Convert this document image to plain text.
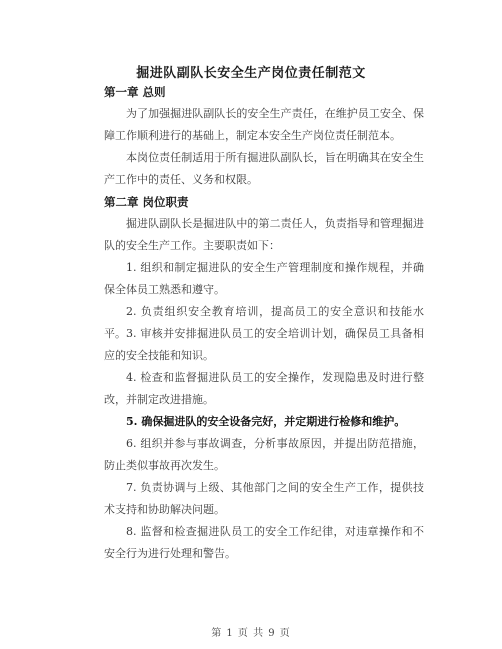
掘进队副队长安全生产岗位责任制范文
第一章 总则
为了加强掘进队副队长的安全生产责任，在维护员工安全、保障工作顺利进行的基础上，制定本安全生产岗位责任制范本。
本岗位责任制适用于所有掘进队副队长，旨在明确其在安全生产工作中的责任、义务和权限。
第二章 岗位职责
掘进队副队长是掘进队中的第二责任人，负责指导和管理掘进队的安全生产工作。主要职责如下：
1. 组织和制定掘进队的安全生产管理制度和操作规程，并确保全体员工熟悉和遵守。
2. 负责组织安全教育培训，提高员工的安全意识和技能水平。 3. 审核并安排掘进队员工的安全培训计划，确保员工具备相应的安全技能和知识。
4. 检查和监督掘进队员工的安全操作，发现隐患及时进行整改，并制定改进措施。
5. 确保掘进队的安全设备完好，并定期进行检修和维护。
6. 组织并参与事故调查，分析事故原因，并提出防范措施，防止类似事故再次发生。
7. 负责协调与上级、其他部门之间的安全生产工作，提供技术支持和协助解决问题。
8. 监督和检查掘进队员工的安全工作纪律，对违章操作和不安全行为进行处理和警告。
第 1 页 共 9 页
